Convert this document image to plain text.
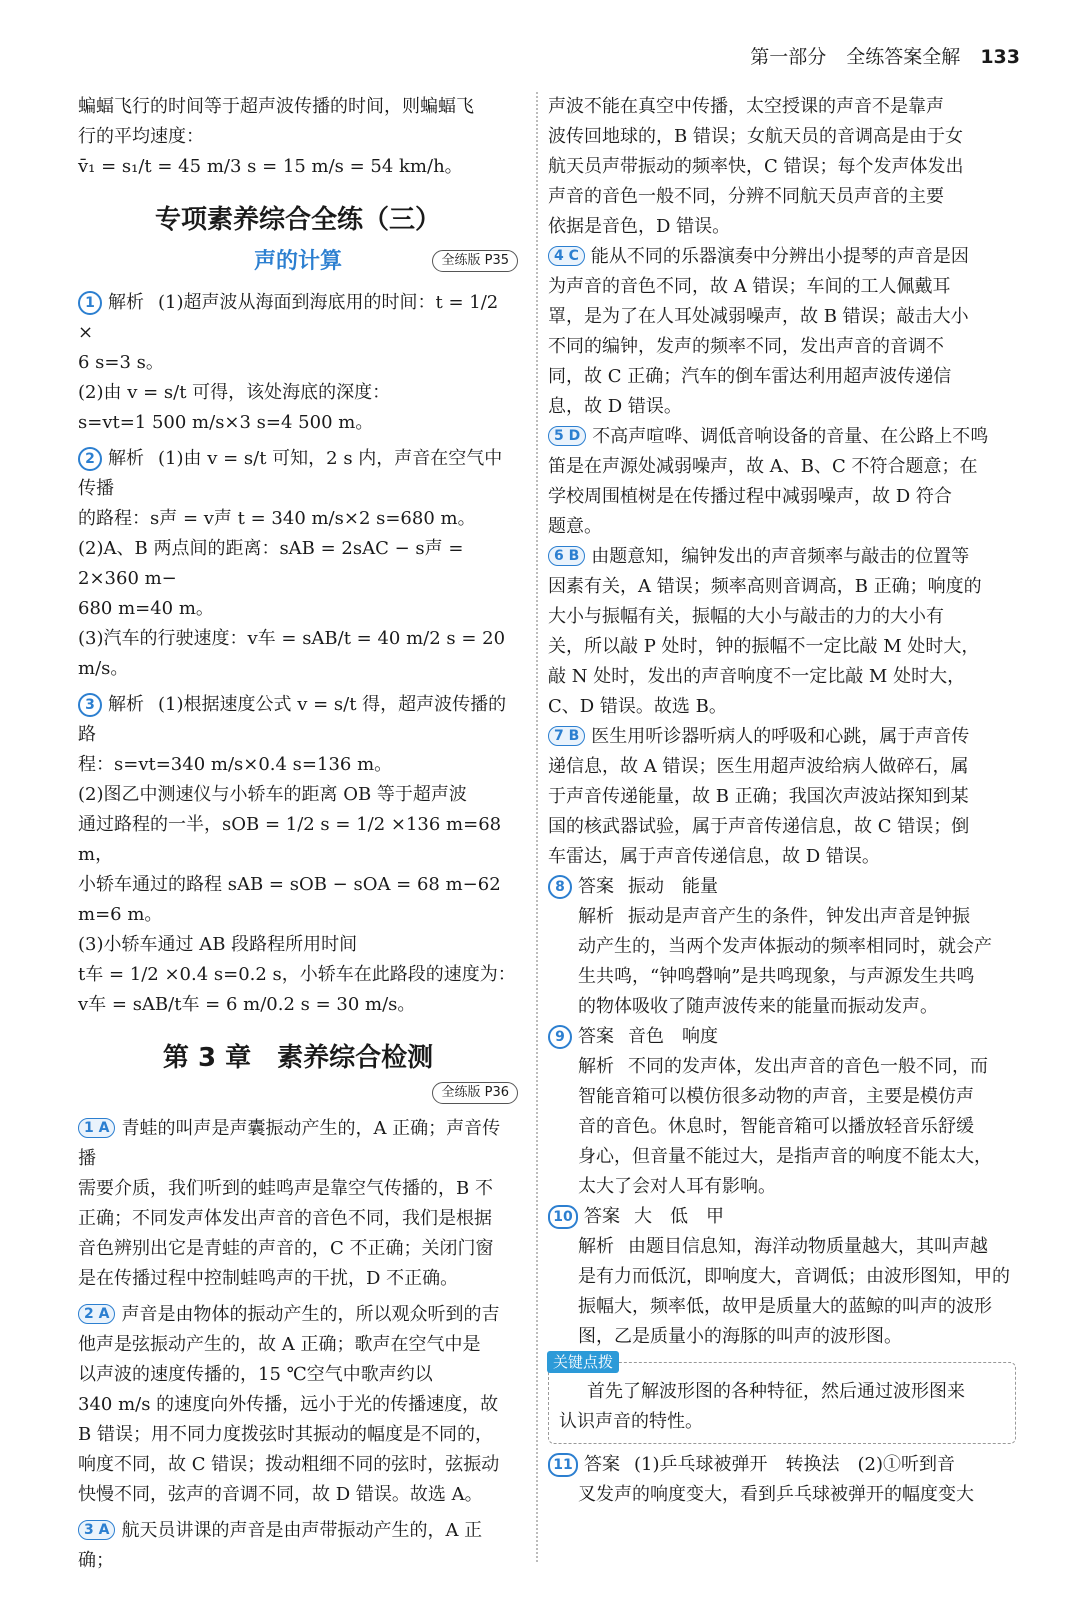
第一部分 全练答案全解 133

蝙蝠飞行的时间等于超声波传播的时间，则蝙蝠飞

行的平均速度：

v̄₁ = s₁/t = 45 m/3 s = 15 m/s = 54 km/h。

专项素养综合全练（三）
声的计算	全练版 P35

1 解析 (1)超声波从海面到海底用的时间：t = 1/2 ×

6 s=3 s。

(2)由 v = s/t 可得，该处海底的深度：

s=vt=1 500 m/s×3 s=4 500 m。

2 解析 (1)由 v = s/t 可知，2 s 内，声音在空气中传播

的路程：s声 = v声 t = 340 m/s×2 s=680 m。

(2)A、B 两点间的距离：sAB = 2sAC − s声 = 2×360 m−

680 m=40 m。

(3)汽车的行驶速度：v车 = sAB/t = 40 m/2 s = 20 m/s。

3 解析 (1)根据速度公式 v = s/t 得，超声波传播的路

程：s=vt=340 m/s×0.4 s=136 m。

(2)图乙中测速仪与小轿车的距离 OB 等于超声波

通过路程的一半，sOB = 1/2 s = 1/2 ×136 m=68 m，

小轿车通过的路程 sAB = sOB − sOA = 68 m−62 m=6 m。

(3)小轿车通过 AB 段路程所用时间

t车 = 1/2 ×0.4 s=0.2 s，小轿车在此路段的速度为：

v车 = sAB/t车 = 6 m/0.2 s = 30 m/s。

第 3 章　素养综合检测
全练版 P36

1 A 青蛙的叫声是声囊振动产生的，A 正确；声音传播

需要介质，我们听到的蛙鸣声是靠空气传播的，B 不

正确；不同发声体发出声音的音色不同，我们是根据

音色辨别出它是青蛙的声音的，C 不正确；关闭门窗

是在传播过程中控制蛙鸣声的干扰，D 不正确。

2 A 声音是由物体的振动产生的，所以观众听到的吉

他声是弦振动产生的，故 A 正确；歌声在空气中是

以声波的速度传播的，15 ℃空气中歌声约以

340 m/s 的速度向外传播，远小于光的传播速度，故

B 错误；用不同力度拨弦时其振动的幅度是不同的，

响度不同，故 C 错误；拨动粗细不同的弦时，弦振动

快慢不同，弦声的音调不同，故 D 错误。故选 A。

3 A 航天员讲课的声音是由声带振动产生的，A 正确；

声波不能在真空中传播，太空授课的声音不是靠声

波传回地球的，B 错误；女航天员的音调高是由于女

航天员声带振动的频率快，C 错误；每个发声体发出

声音的音色一般不同，分辨不同航天员声音的主要

依据是音色，D 错误。

4 C 能从不同的乐器演奏中分辨出小提琴的声音是因

为声音的音色不同，故 A 错误；车间的工人佩戴耳

罩，是为了在人耳处减弱噪声，故 B 错误；敲击大小

不同的编钟，发声的频率不同，发出声音的音调不

同，故 C 正确；汽车的倒车雷达利用超声波传递信

息，故 D 错误。

5 D 不高声喧哗、调低音响设备的音量、在公路上不鸣

笛是在声源处减弱噪声，故 A、B、C 不符合题意；在

学校周围植树是在传播过程中减弱噪声，故 D 符合

题意。

6 B 由题意知，编钟发出的声音频率与敲击的位置等

因素有关，A 错误；频率高则音调高，B 正确；响度的

大小与振幅有关，振幅的大小与敲击的力的大小有

关，所以敲 P 处时，钟的振幅不一定比敲 M 处时大，

敲 N 处时，发出的声音响度不一定比敲 M 处时大，

C、D 错误。故选 B。

7 B 医生用听诊器听病人的呼吸和心跳，属于声音传

递信息，故 A 错误；医生用超声波给病人做碎石，属

于声音传递能量，故 B 正确；我国次声波站探知到某

国的核武器试验，属于声音传递信息，故 C 错误；倒

车雷达，属于声音传递信息，故 D 错误。

8 答案 振动　能量

解析 振动是声音产生的条件，钟发出声音是钟振

动产生的，当两个发声体振动的频率相同时，就会产

生共鸣，“钟鸣磬响”是共鸣现象，与声源发生共鸣

的物体吸收了随声波传来的能量而振动发声。

9 答案 音色　响度

解析 不同的发声体，发出声音的音色一般不同，而

智能音箱可以模仿很多动物的声音，主要是模仿声

音的音色。休息时，智能音箱可以播放轻音乐舒缓

身心，但音量不能过大，是指声音的响度不能太大，

太大了会对人耳有影响。

10 答案 大　低　甲

解析 由题目信息知，海洋动物质量越大，其叫声越

是有力而低沉，即响度大，音调低；由波形图知，甲的

振幅大，频率低，故甲是质量大的蓝鲸的叫声的波形

图，乙是质量小的海豚的叫声的波形图。

关键点拨

首先了解波形图的各种特征，然后通过波形图来

认识声音的特性。

11 答案 (1)乒乓球被弹开　转换法　(2)①听到音

叉发声的响度变大，看到乒乓球被弹开的幅度变大
